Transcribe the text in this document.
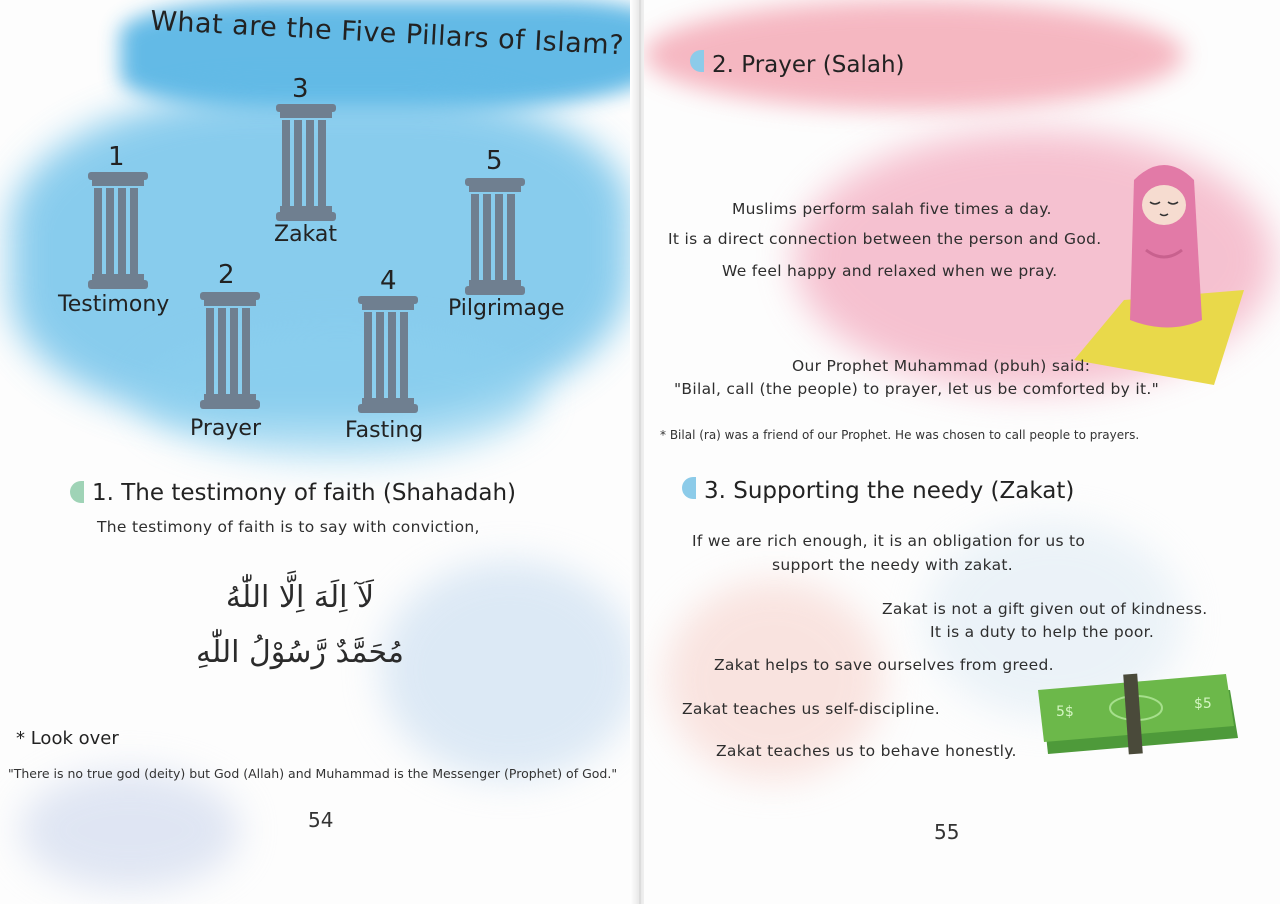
What are the Five Pillars of Islam?
1
Testimony
2
Prayer
3
Zakat
4
Fasting
5
Pilgrimage
1. The testimony of faith (Shahadah)
The testimony of faith is to say with conviction,
لَآ اِلَهَ اِلَّا اللّٰهُ
مُحَمَّدٌ رَّسُوْلُ اللّٰهِ
* Look over
"There is no true god (deity) but God (Allah) and Muhammad is the Messenger (Prophet) of God."
54
2. Prayer (Salah)
Muslims perform salah five times a day.
It is a direct connection between the person and God.
We feel happy and relaxed when we pray.
Our Prophet Muhammad (pbuh) said:
"Bilal, call (the people) to prayer, let us be comforted by it."
* Bilal (ra) was a friend of our Prophet. He was chosen to call people to prayers.
3. Supporting the needy (Zakat)
If we are rich enough, it is an obligation for us to
support the needy with zakat.
Zakat is not a gift given out of kindness.
It is a duty to help the poor.
Zakat helps to save ourselves from greed.
Zakat teaches us self-discipline.
Zakat teaches us to behave honestly.
5$	$5
55
